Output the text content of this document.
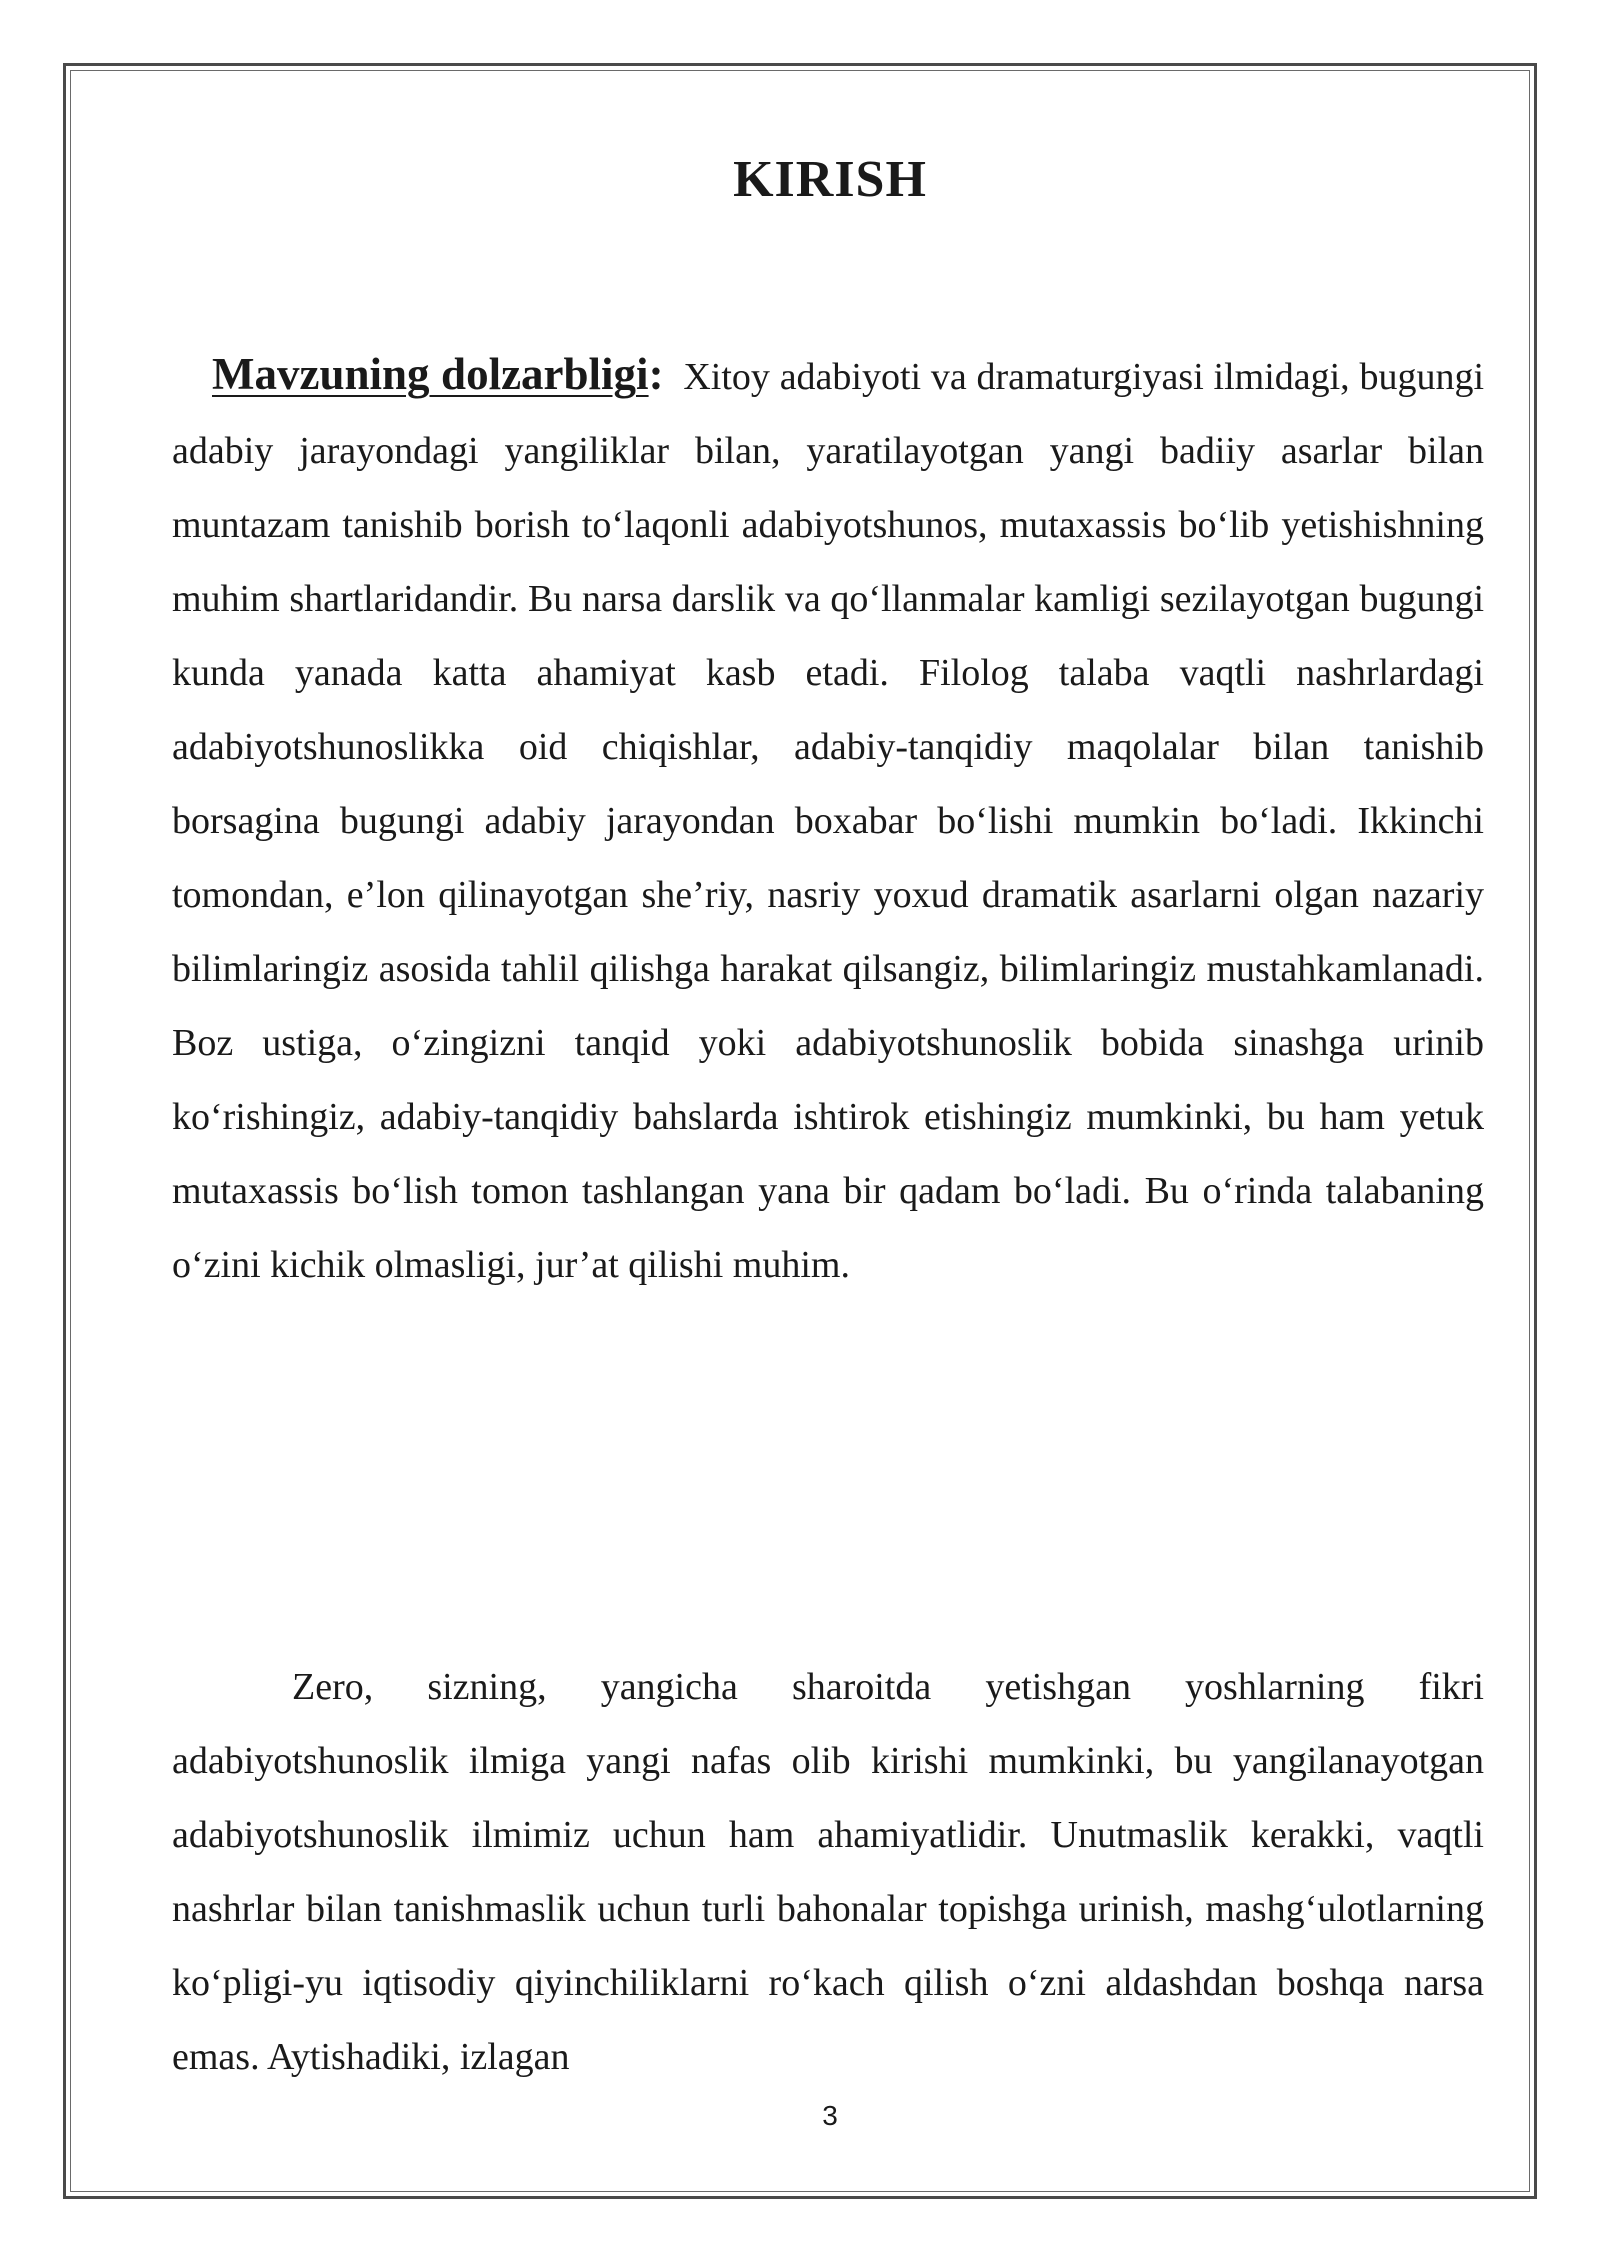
KIRISH
Mavzuning dolzarbligi: Xitoy adabiyoti va dramaturgiyasi ilmidagi, bugungi adabiy jarayondagi yangiliklar bilan, yaratilayotgan yangi badiiy asarlar bilan muntazam tanishib borish to‘laqonli adabiyotshunos, mutaxassis bo‘lib yetishishning muhim shartlaridandir. Bu narsa darslik va qo‘llanmalar kamligi sezilayotgan bugungi kunda yanada katta ahamiyat kasb etadi. Filolog talaba vaqtli nashrlardagi adabiyotshunoslikka oid chiqishlar, adabiy-tanqidiy maqolalar bilan tanishib borsagina bugungi adabiy jarayondan boxabar bo‘lishi mumkin bo‘ladi. Ikkinchi tomondan, e’lon qilinayotgan she’riy, nasriy yoxud dramatik asarlarni olgan nazariy bilimlaringiz asosida tahlil qilishga harakat qilsangiz, bilimlaringiz mustahkamlanadi. Boz ustiga, o‘zingizni tanqid yoki adabiyotshunoslik bobida sinashga urinib ko‘rishingiz, adabiy-tanqidiy bahslarda ishtirok etishingiz mumkinki, bu ham yetuk mutaxassis bo‘lish tomon tashlangan yana bir qadam bo‘ladi. Bu o‘rinda talabaning o‘zini kichik olmasligi, jur’at qilishi muhim.
Zero, sizning, yangicha sharoitda yetishgan yoshlarning fikri adabiyotshunoslik ilmiga yangi nafas olib kirishi mumkinki, bu yangilanayotgan adabiyotshunoslik ilmimiz uchun ham ahamiyatlidir. Unutmaslik kerakki, vaqtli nashrlar bilan tanishmaslik uchun turli bahonalar topishga urinish, mashg‘ulotlarning ko‘pligi-yu iqtisodiy qiyinchiliklarni ro‘kach qilish o‘zni aldashdan boshqa narsa emas. Aytishadiki, izlagan
3
